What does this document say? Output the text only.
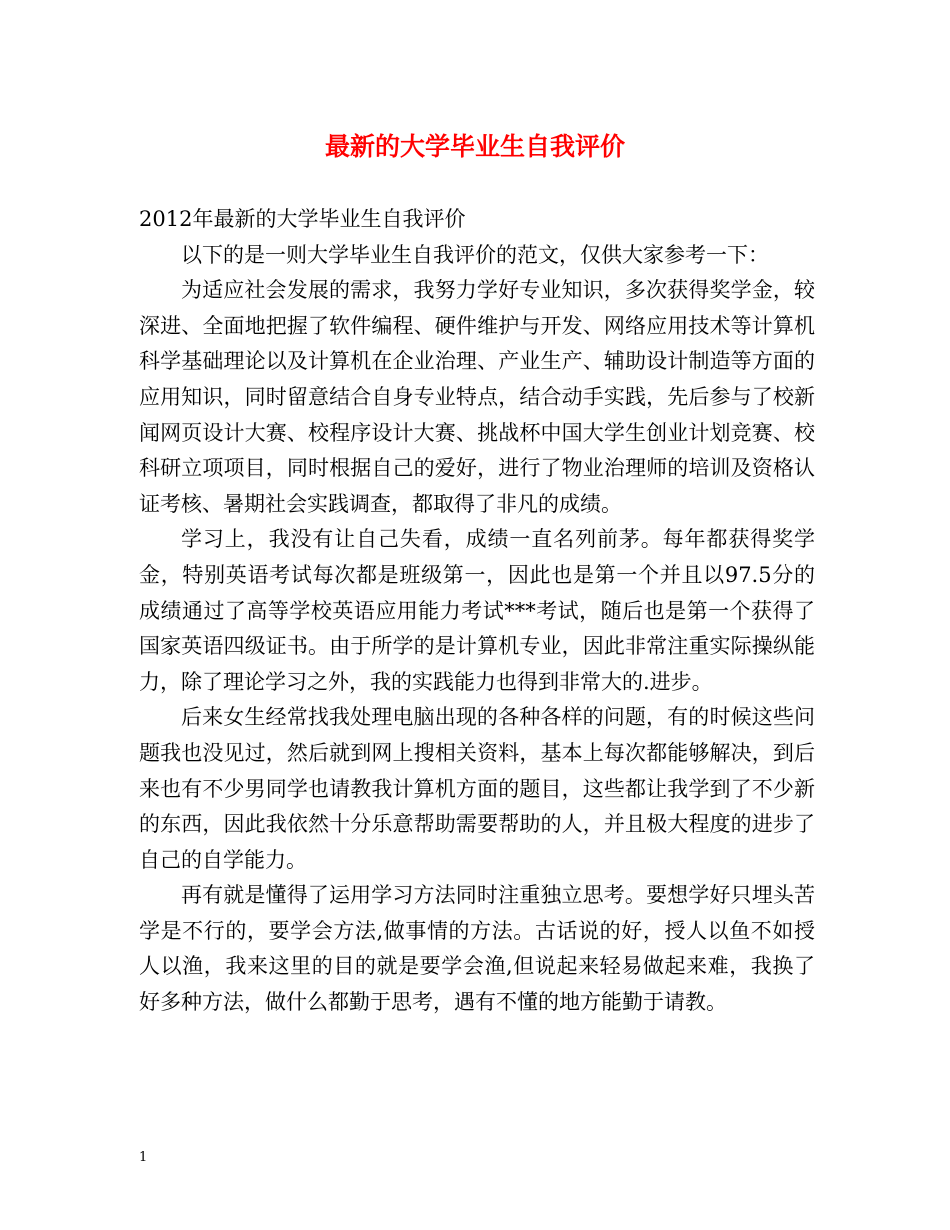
最新的大学毕业生自我评价

2012年最新的大学毕业生自我评价

以下的是一则大学毕业生自我评价的范文，仅供大家参考一下：

为适应社会发展的需求，我努力学好专业知识，多次获得奖学金，较深进、全面地把握了软件编程、硬件维护与开发、网络应用技术等计算机科学基础理论以及计算机在企业治理、产业生产、辅助设计制造等方面的应用知识，同时留意结合自身专业特点，结合动手实践，先后参与了校新闻网页设计大赛、校程序设计大赛、挑战杯中国大学生创业计划竞赛、校科研立项项目，同时根据自己的爱好，进行了物业治理师的培训及资格认证考核、暑期社会实践调查，都取得了非凡的成绩。

学习上，我没有让自己失看，成绩一直名列前茅。每年都获得奖学金，特别英语考试每次都是班级第一，因此也是第一个并且以97.5分的成绩通过了高等学校英语应用能力考试***考试，随后也是第一个获得了国家英语四级证书。由于所学的是计算机专业，因此非常注重实际操纵能力，除了理论学习之外，我的实践能力也得到非常大的.进步。

后来女生经常找我处理电脑出现的各种各样的问题，有的时候这些问题我也没见过，然后就到网上搜相关资料，基本上每次都能够解决，到后来也有不少男同学也请教我计算机方面的题目，这些都让我学到了不少新的东西，因此我依然十分乐意帮助需要帮助的人，并且极大程度的进步了自己的自学能力。

再有就是懂得了运用学习方法同时注重独立思考。要想学好只埋头苦学是不行的，要学会方法,做事情的方法。古话说的好，授人以鱼不如授人以渔，我来这里的目的就是要学会渔,但说起来轻易做起来难，我换了好多种方法，做什么都勤于思考，遇有不懂的地方能勤于请教。

1
